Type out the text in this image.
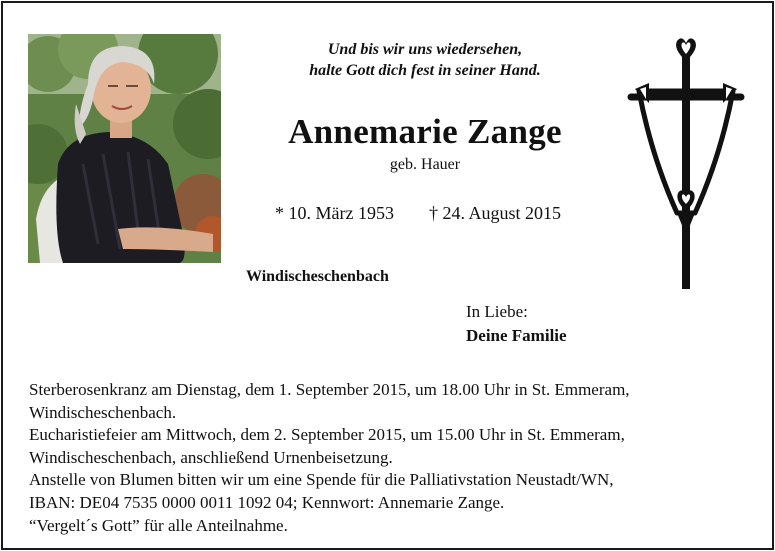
Und bis wir uns wiedersehen,
halte Gott dich fest in seiner Hand.
Annemarie Zange
geb. Hauer
* 10. März 1953 † 24. August 2015
Windischeschenbach
In Liebe:
Deine Familie

Sterberosenkranz am Dienstag, dem 1. September 2015, um 18.00 Uhr in St. Emmeram,

Windischeschenbach.

Eucharistiefeier am Mittwoch, dem 2. September 2015, um 15.00 Uhr in St. Emmeram,

Windischeschenbach, anschließend Urnenbeisetzung.

Anstelle von Blumen bitten wir um eine Spende für die Palliativstation Neustadt/WN,

IBAN: DE04 7535 0000 0011 1092 04; Kennwort: Annemarie Zange.

“Vergelt´s Gott” für alle Anteilnahme.
